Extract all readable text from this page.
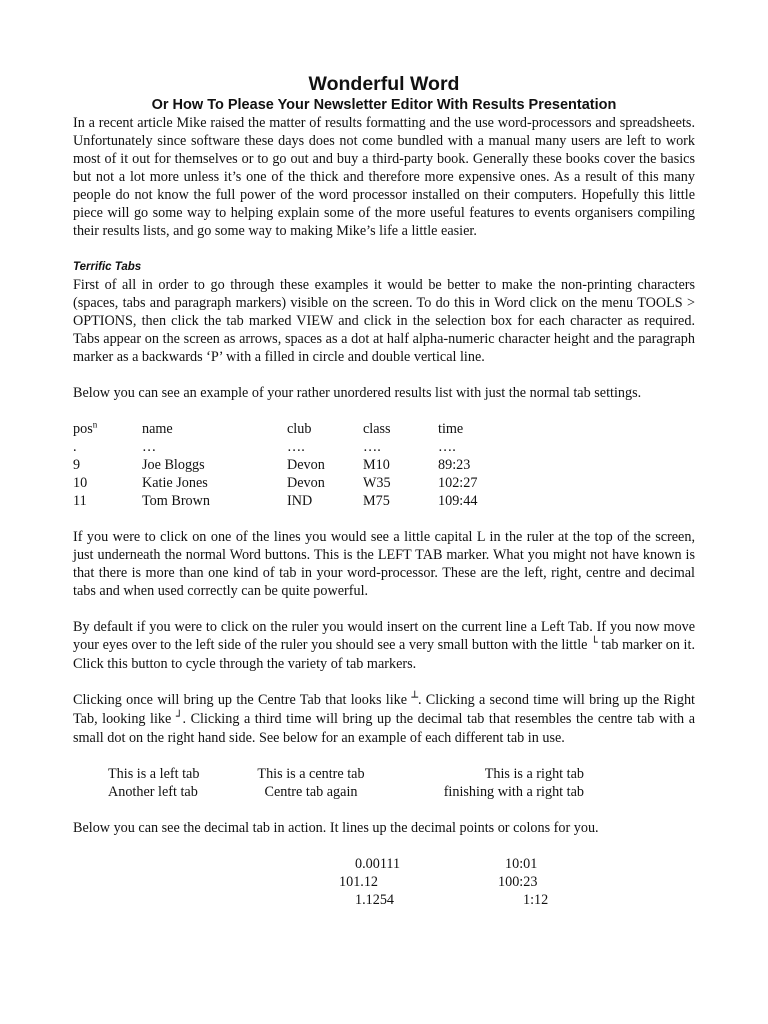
Wonderful Word
Or How To Please Your Newsletter Editor With Results Presentation

In a recent article Mike raised the matter of results formatting and the use word-processors and spreadsheets. Unfortunately since software these days does not come bundled with a manual many users are left to work most of it out for themselves or to go out and buy a third-party book. Generally these books cover the basics but not a lot more unless it’s one of the thick and therefore more expensive ones. As a result of this many people do not know the full power of the word processor installed on their computers. Hopefully this little piece will go some way to helping explain some of the more useful features to events organisers compiling their results lists, and go some way to making Mike’s life a little easier.

Terrific Tabs

First of all in order to go through these examples it would be better to make the non-printing characters (spaces, tabs and paragraph markers) visible on the screen. To do this in Word click on the menu TOOLS > OPTIONS, then click the tab marked VIEW and click in the selection box for each character as required. Tabs appear on the screen as arrows, spaces as a dot at half alpha-numeric character height and the paragraph marker as a backwards ‘P’ with a filled in circle and double vertical line.

Below you can see an example of your rather unordered results list with just the normal tab settings.

pos$^n$	name	club	class	time
.	…	….	….	….
9	Joe Bloggs	Devon	M10	89:23
10	Katie Jones	Devon	W35	102:27
11	Tom Brown	IND	M75	109:44

If you were to click on one of the lines you would see a little capital L in the ruler at the top of the screen, just underneath the normal Word buttons. This is the LEFT TAB marker. What you might not have known is that there is more than one kind of tab in your word-processor. These are the left, right, centre and decimal tabs and when used correctly can be quite powerful.

By default if you were to click on the ruler you would insert on the current line a Left Tab. If you now move your eyes over to the left side of the ruler you should see a very small button with the little └ tab marker on it. Click this button to cycle through the variety of tab markers.

Clicking once will bring up the Centre Tab that looks like ┴. Clicking a second time will bring up the Right Tab, looking like ┘. Clicking a third time will bring up the decimal tab that resembles the centre tab with a small dot on the right hand side. See below for an example of each different tab in use.

This is a left tab	This is a centre tab	This is a right tab
Another left tab	Centre tab again	finishing with a right tab

Below you can see the decimal tab in action. It lines up the decimal points or colons for you.

0.00111	10:01
101.12	100:23
1.1254	1:12
